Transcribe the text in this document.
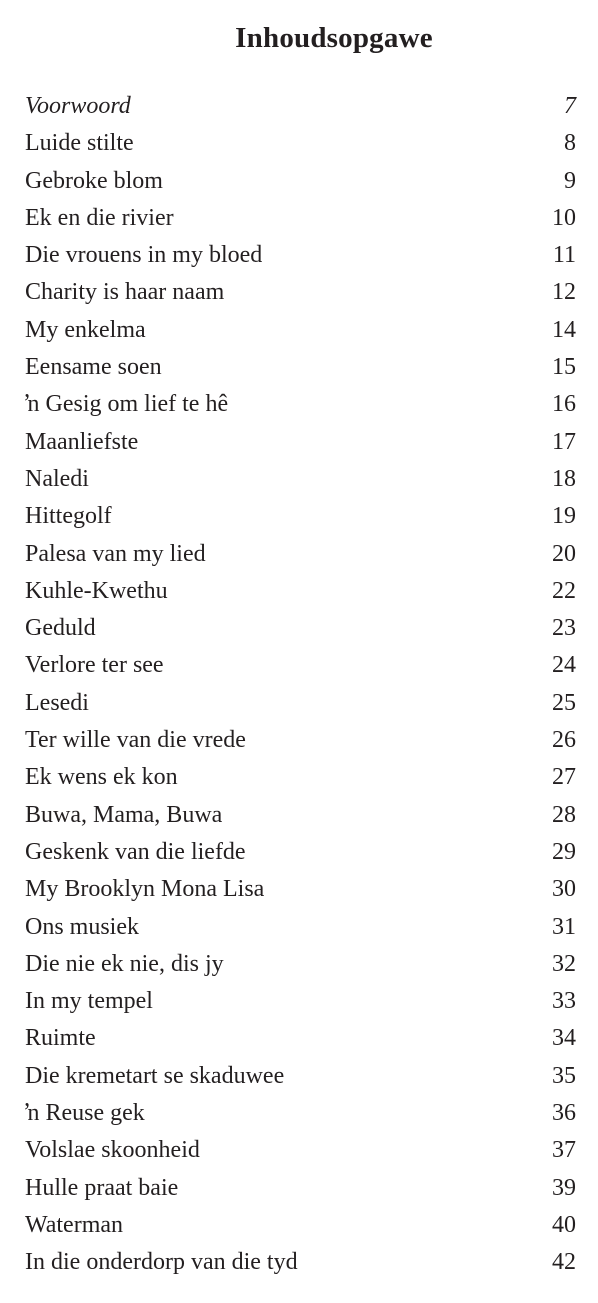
Inhoudsopgawe
Voorwoord	7
Luide stilte	8
Gebroke blom	9
Ek en die rivier	10
Die vrouens in my bloed	11
Charity is haar naam	12
My enkelma	14
Eensame soen	15
ŉ Gesig om lief te hê	16
Maanliefste	17
Naledi	18
Hittegolf	19
Palesa van my lied	20
Kuhle-Kwethu	22
Geduld	23
Verlore ter see	24
Lesedi	25
Ter wille van die vrede	26
Ek wens ek kon	27
Buwa, Mama, Buwa	28
Geskenk van die liefde	29
My Brooklyn Mona Lisa	30
Ons musiek	31
Die nie ek nie, dis jy	32
In my tempel	33
Ruimte	34
Die kremetart se skaduwee	35
ŉ Reuse gek	36
Volslae skoonheid	37
Hulle praat baie	39
Waterman	40
In die onderdorp van die tyd	42
